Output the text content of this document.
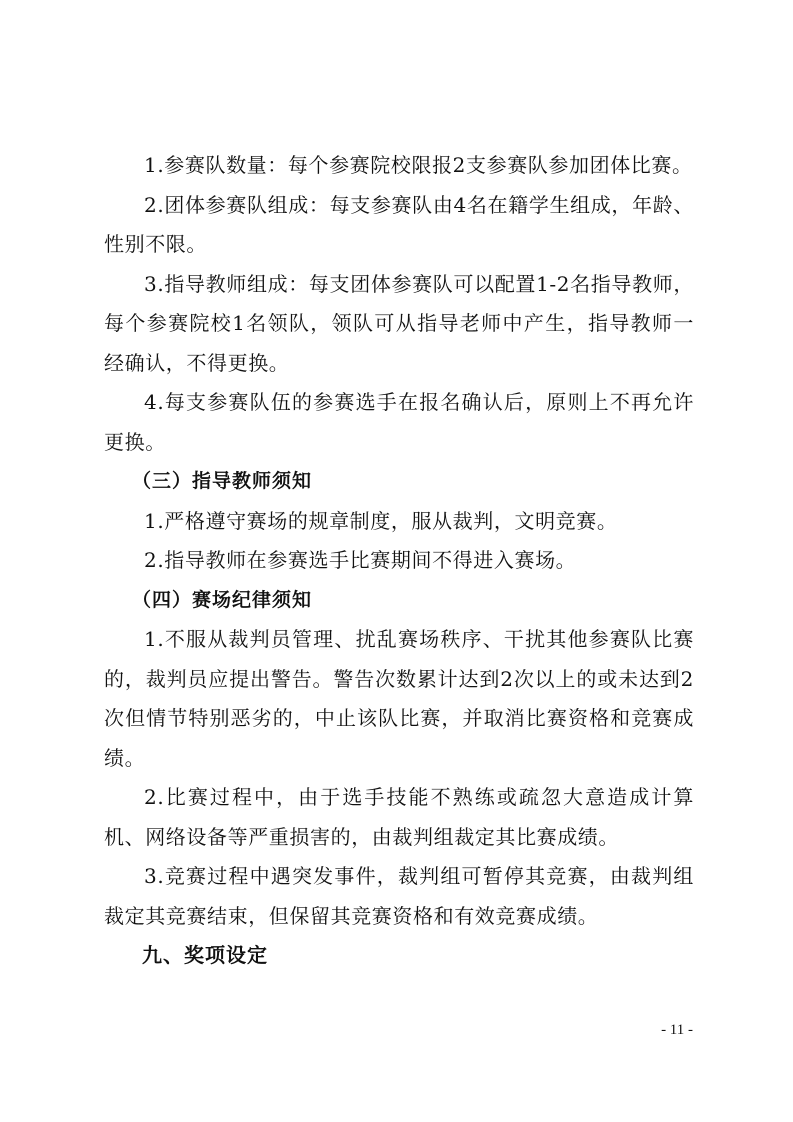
1.参赛队数量：每个参赛院校限报2支参赛队参加团体比赛。

2.团体参赛队组成：每支参赛队由4名在籍学生组成，年龄、性别不限。

3.指导教师组成：每支团体参赛队可以配置1-2名指导教师，每个参赛院校1名领队，领队可从指导老师中产生，指导教师一经确认，不得更换。

4.每支参赛队伍的参赛选手在报名确认后，原则上不再允许更换。

（三）指导教师须知

1.严格遵守赛场的规章制度，服从裁判，文明竞赛。

2.指导教师在参赛选手比赛期间不得进入赛场。

（四）赛场纪律须知

1.不服从裁判员管理、扰乱赛场秩序、干扰其他参赛队比赛的，裁判员应提出警告。警告次数累计达到2次以上的或未达到2次但情节特别恶劣的，中止该队比赛，并取消比赛资格和竞赛成绩。

2.比赛过程中，由于选手技能不熟练或疏忽大意造成计算机、网络设备等严重损害的，由裁判组裁定其比赛成绩。

3.竞赛过程中遇突发事件，裁判组可暂停其竞赛，由裁判组裁定其竞赛结束，但保留其竞赛资格和有效竞赛成绩。

九、奖项设定

- 11 -
